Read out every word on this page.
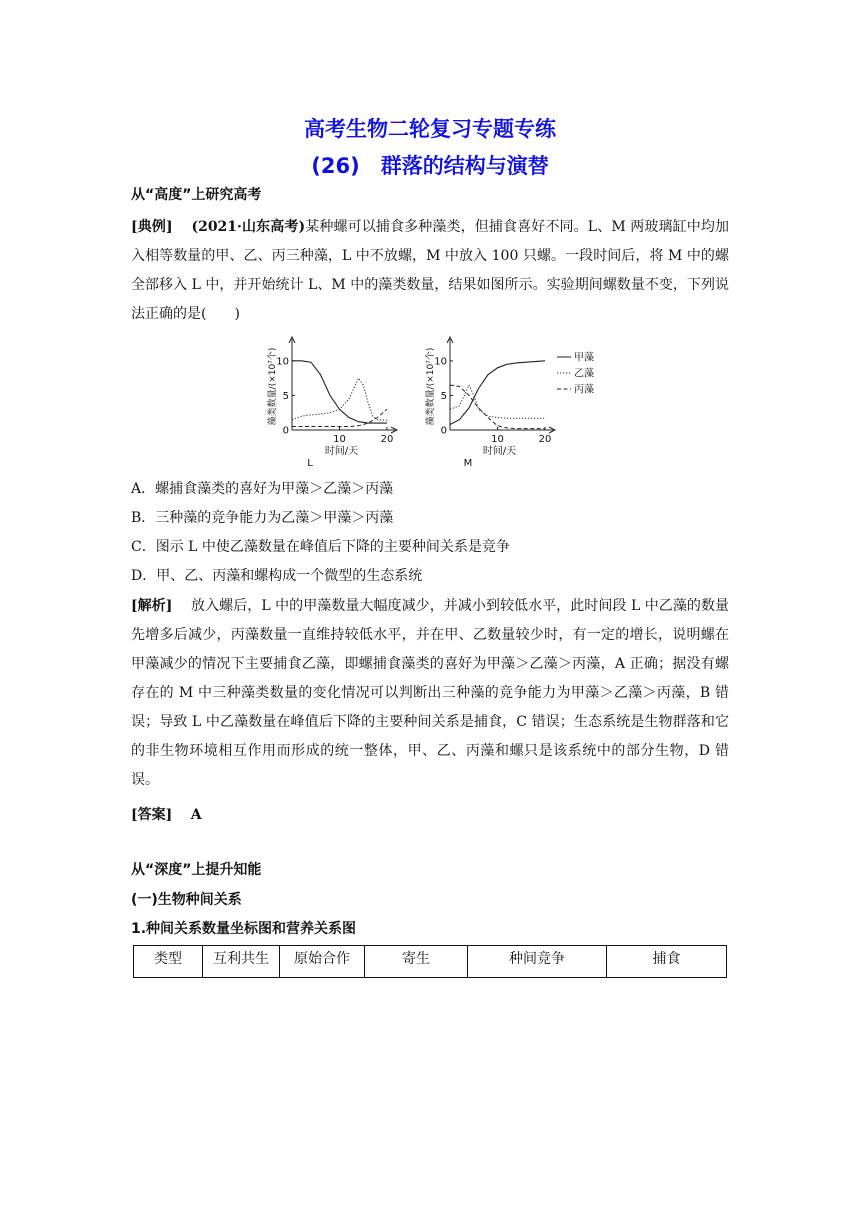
高考生物二轮复习专题专练
(26)　群落的结构与演替
从“高度”上研究高考
[典例]　 (2021·山东高考)某种螺可以捕食多种藻类，但捕食喜好不同。L、M 两玻璃缸中均加入相等数量的甲、乙、丙三种藻，L 中不放螺，M 中放入 100 只螺。一段时间后，将 M 中的螺全部移入 L 中，并开始统计 L、M 中的藻类数量，结果如图所示。实验期间螺数量不变，下列说法正确的是(　　)
0
5
10
10	20
藻类数量/(×10⁷个)
时间/天
L
0
5
10
10	20
藻类数量/(×10⁷个)
时间/天
M
甲藻
乙藻
丙藻
A．螺捕食藻类的喜好为甲藻＞乙藻＞丙藻
B．三种藻的竞争能力为乙藻＞甲藻＞丙藻
C．图示 L 中使乙藻数量在峰值后下降的主要种间关系是竞争
D．甲、乙、丙藻和螺构成一个微型的生态系统
[解析]　 放入螺后，L 中的甲藻数量大幅度减少，并减小到较低水平，此时间段 L 中乙藻的数量先增多后减少，丙藻数量一直维持较低水平，并在甲、乙数量较少时，有一定的增长，说明螺在甲藻减少的情况下主要捕食乙藻，即螺捕食藻类的喜好为甲藻＞乙藻＞丙藻，A 正确；据没有螺存在的 M 中三种藻类数量的变化情况可以判断出三种藻的竞争能力为甲藻＞乙藻＞丙藻，B 错误；导致 L 中乙藻数量在峰值后下降的主要种间关系是捕食，C 错误；生态系统是生物群落和它的非生物环境相互作用而形成的统一整体，甲、乙、丙藻和螺只是该系统中的部分生物，D 错误。
[答案]　 A
从“深度”上提升知能
(一)生物种间关系
1.种间关系数量坐标图和营养关系图
类型	互利共生	原始合作	寄生	种间竞争	捕食
